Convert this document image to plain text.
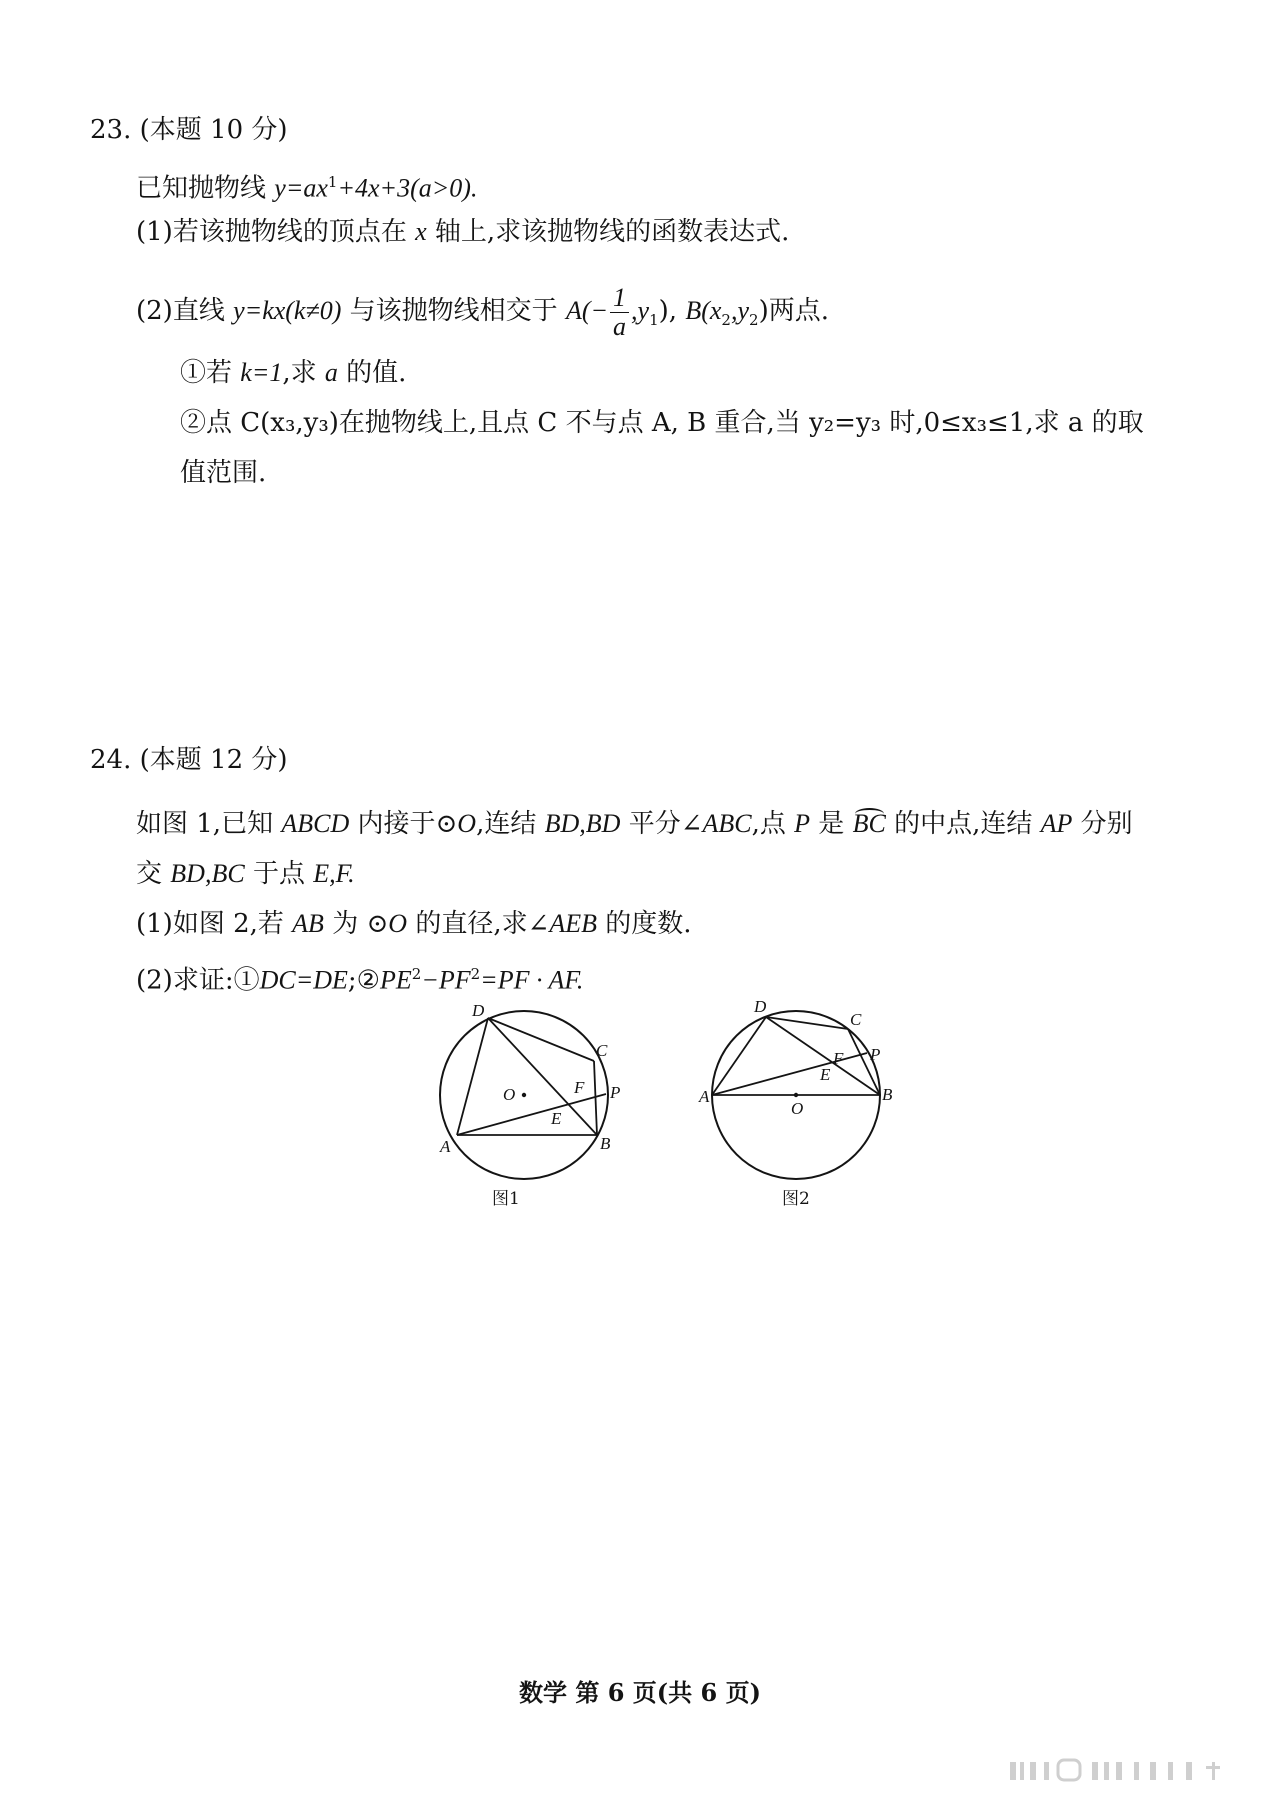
23. (本题 10 分)
已知抛物线 $y=ax^1+4x+3(a>0)$.
(1)若该抛物线的顶点在 x 轴上,求该抛物线的函数表达式.
(2)直线 y=kx(k≠0) 与该抛物线相交于 $A(- \frac{1}{a} ,y_1)$, $B(x_2,y_2)$两点.
①若 k=1,求 a 的值.
②点 C(x₃,y₃)在抛物线上,且点 C 不与点 A, B 重合,当 y₂=y₃ 时,0≤x₃≤1,求 a 的取
值范围.
24. (本题 12 分)
如图 1,已知 ABCD 内接于⊙O,连结 BD,BD 平分∠ABC,点 P 是 BC 的中点,连结 AP 分别
交 BD,BC 于点 E,F.
(1)如图 2,若 AB 为 ⊙O 的直径,求∠AEB 的度数.
(2)求证$:①DC=DE;②PE^2-PF^2=PF$ · AF.
D
C
O	F P
E
A	B
图1
D
C
F P
E
A	B
O
图2
数学 第 6 页(共 6 页)
